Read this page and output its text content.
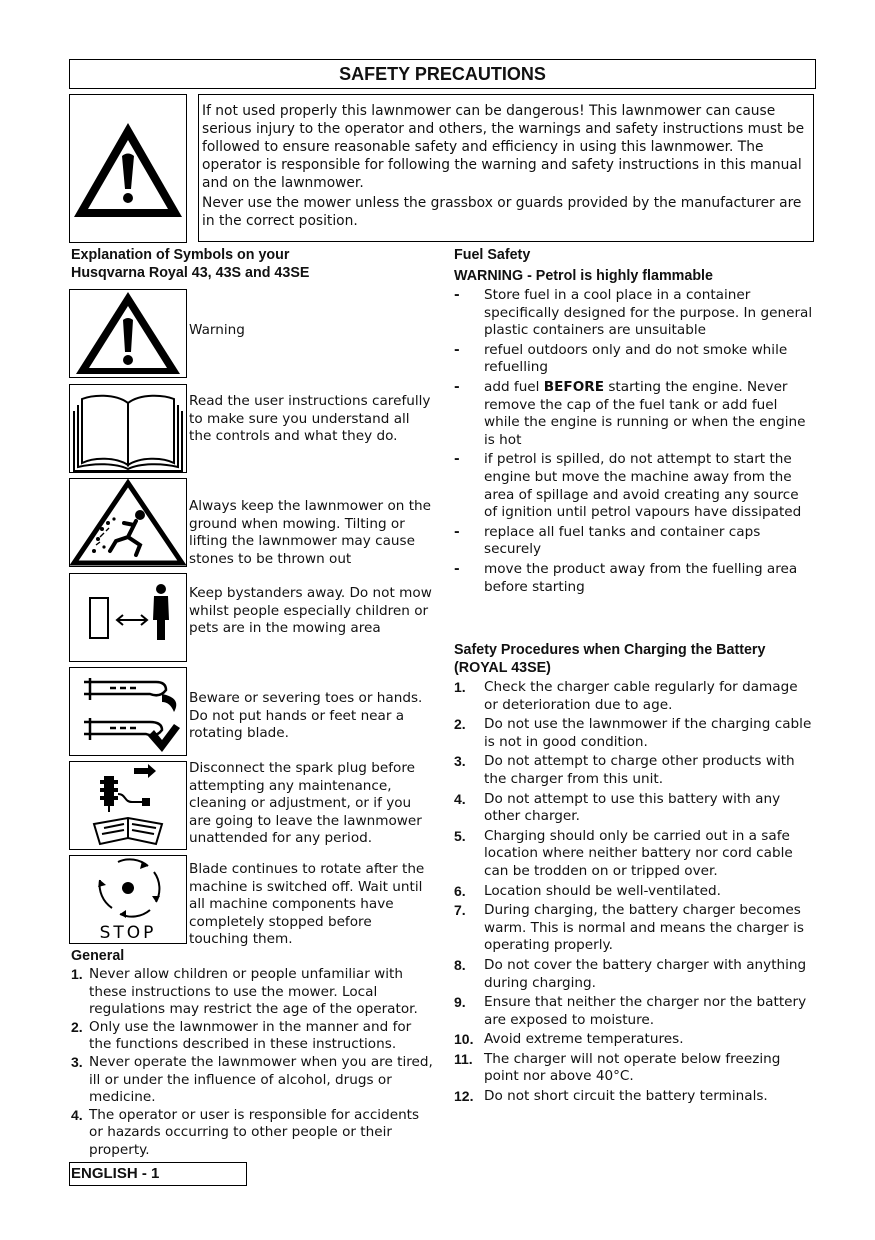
SAFETY PRECAUTIONS

If not used properly this lawnmower can be dangerous! This lawnmower can cause serious injury to the operator and others, the warnings and safety instructions must be followed to ensure reasonable safety and efficiency in using this lawnmower. The operator is responsible for following the warning and safety instructions in this manual and on the lawnmower.

Never use the mower unless the grassbox or guards provided by the manufacturer are in the correct position.

Explanation of Symbols on your
Husqvarna Royal 43, 43S and 43SE
Warning
Read the user instructions carefully to make sure you understand all the controls and what they do.
Always keep the lawnmower on the ground when mowing. Tilting or lifting the lawnmower may cause stones to be thrown out
Keep bystanders away. Do not mow whilst people especially children or pets are in the mowing area
Beware or severing toes or hands. Do not put hands or feet near a rotating blade.
Disconnect the spark plug before attempting any maintenance, cleaning or adjustment, or if you are going to leave the lawnmower unattended for any period.
STOP
Blade continues to rotate after the machine is switched off. Wait until all machine components have completely stopped before touching them.
General
1. Never allow children or people unfamiliar with these instructions to use the mower. Local regulations may restrict the age of the operator.
2. Only use the lawnmower in the manner and for the functions described in these instructions.
3. Never operate the lawnmower when you are tired, ill or under the influence of alcohol, drugs or medicine.
4. The operator or user is responsible for accidents or hazards occurring to other people or their property.
Fuel Safety
WARNING - Petrol is highly flammable
- Store fuel in a cool place in a container specifically designed for the purpose. In general plastic containers are unsuitable
- refuel outdoors only and do not smoke while refuelling
- add fuel BEFORE starting the engine. Never remove the cap of the fuel tank or add fuel while the engine is running or when the engine is hot
- if petrol is spilled, do not attempt to start the engine but move the machine away from the area of spillage and avoid creating any source of ignition until petrol vapours have dissipated
- replace all fuel tanks and container caps securely
- move the product away from the fuelling area before starting
Safety Procedures when Charging the Battery
(ROYAL 43SE)
1. Check the charger cable regularly for damage or deterioration due to age.
2. Do not use the lawnmower if the charging cable is not in good condition.
3. Do not attempt to charge other products with the charger from this unit.
4. Do not attempt to use this battery with any other charger.
5. Charging should only be carried out in a safe location where neither battery nor cord cable can be trodden on or tripped over.
6. Location should be well-ventilated.
7. During charging, the battery charger becomes warm. This is normal and means the charger is operating properly.
8. Do not cover the battery charger with anything during charging.
9. Ensure that neither the charger nor the battery are exposed to moisture.
10. Avoid extreme temperatures.
11. The charger will not operate below freezing point nor above 40°C.
12. Do not short circuit the battery terminals.
ENGLISH - 1
